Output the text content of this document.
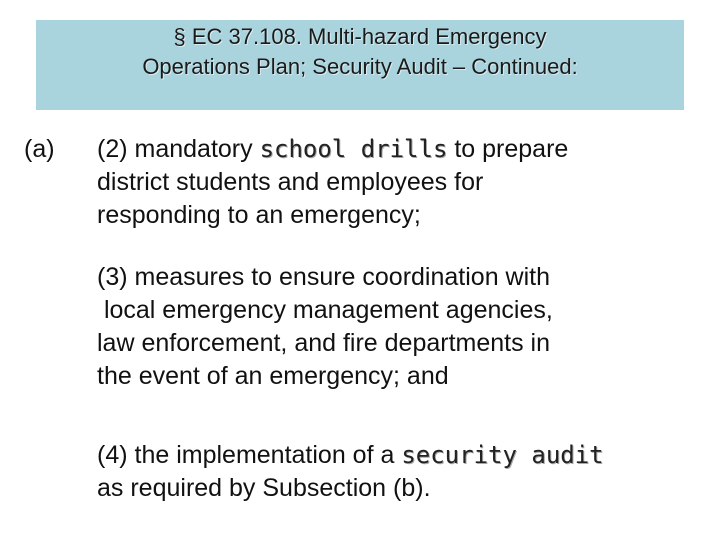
§ EC 37.108. Multi-hazard Emergency
Operations Plan; Security Audit – Continued:
(a) (2) mandatory school drills to prepare
district students and employees for
responding to an emergency;
(3) measures to ensure coordination with
local emergency management agencies,
law enforcement, and fire departments in
the event of an emergency; and
(4) the implementation of a security audit
as required by Subsection (b).
